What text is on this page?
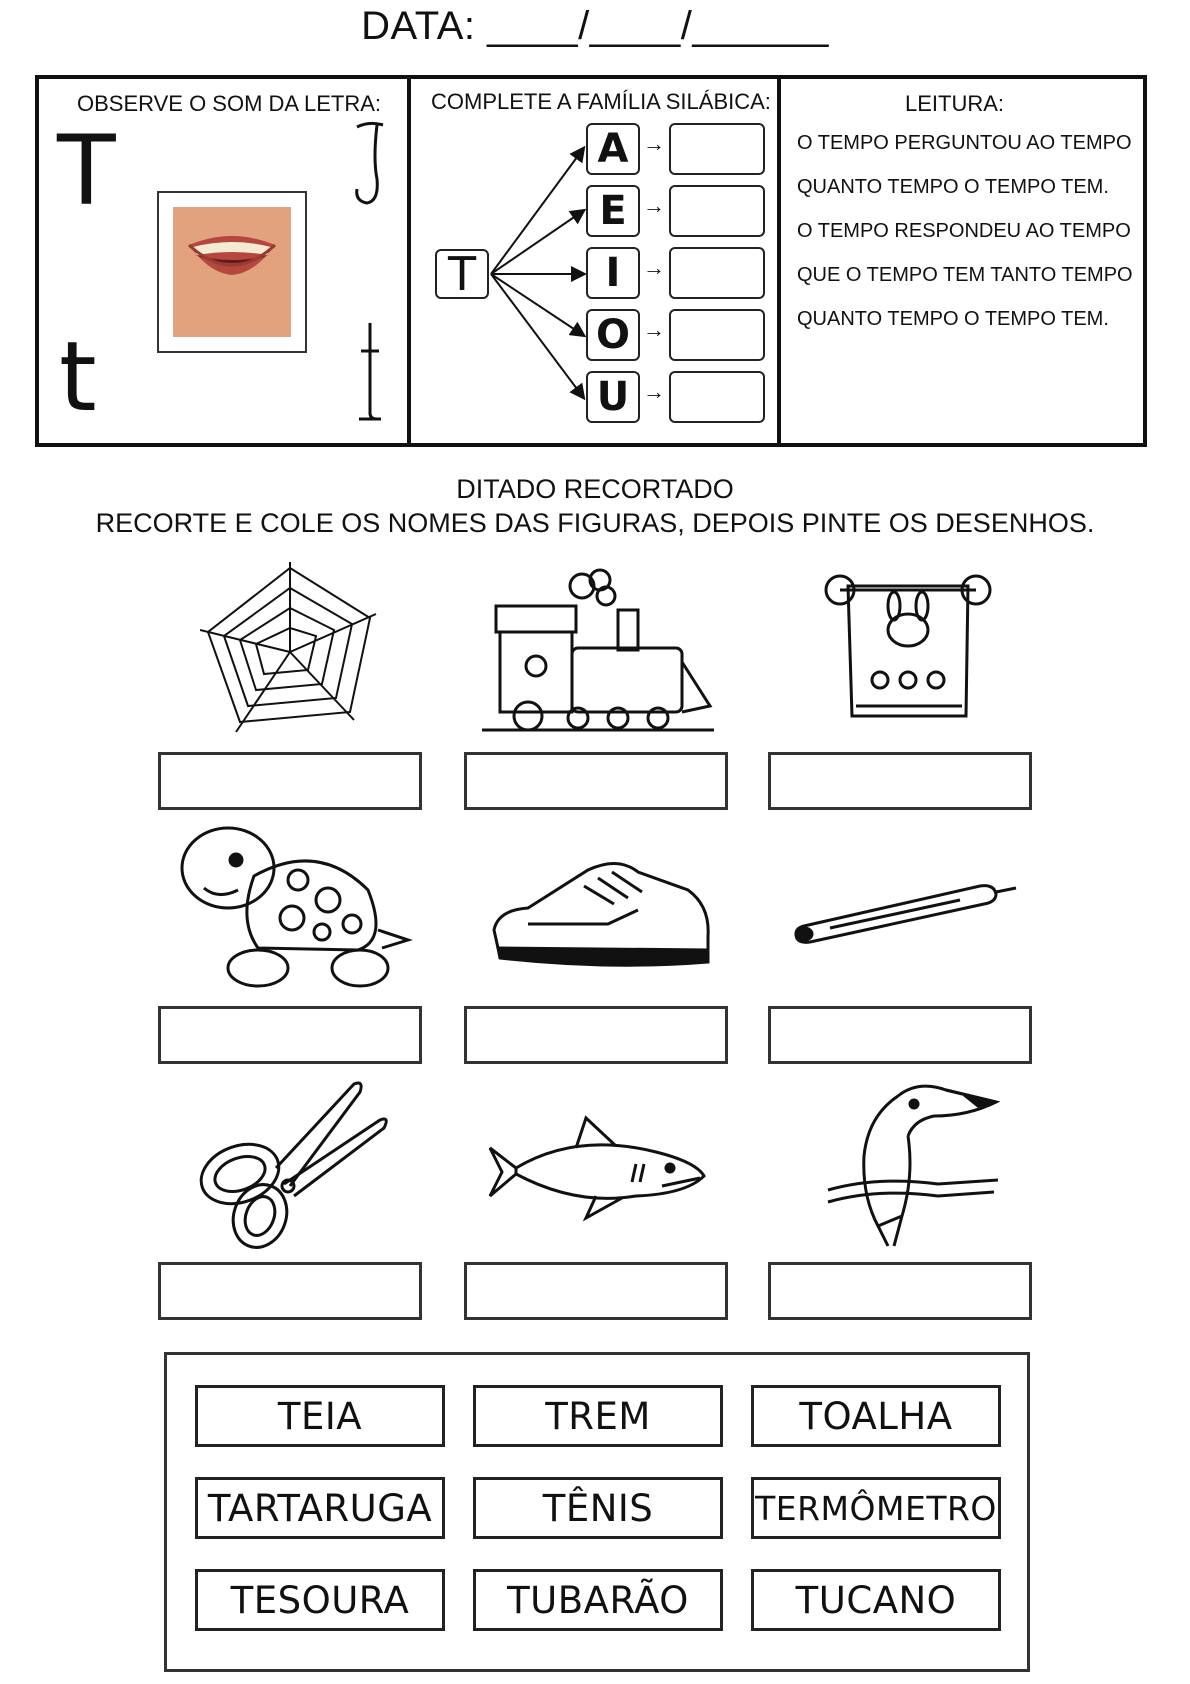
DATA: ____/____/______
OBSERVE O SOM DA LETRA:
T
t
COMPLETE A FAMÍLIA SILÁBICA:
T
A
E
I
O
U
→
→
→
→
→
LEITURA:
O TEMPO PERGUNTOU AO TEMPO
QUANTO TEMPO O TEMPO TEM.
O TEMPO RESPONDEU AO TEMPO
QUE O TEMPO TEM TANTO TEMPO
QUANTO TEMPO O TEMPO TEM.
DITADO RECORTADO
RECORTE E COLE OS NOMES DAS FIGURAS, DEPOIS PINTE OS DESENHOS.
TEIA	TREM	TOALHA
TARTARUGA	TÊNIS	TERMÔMETRO
TESOURA	TUBARÃO	TUCANO
